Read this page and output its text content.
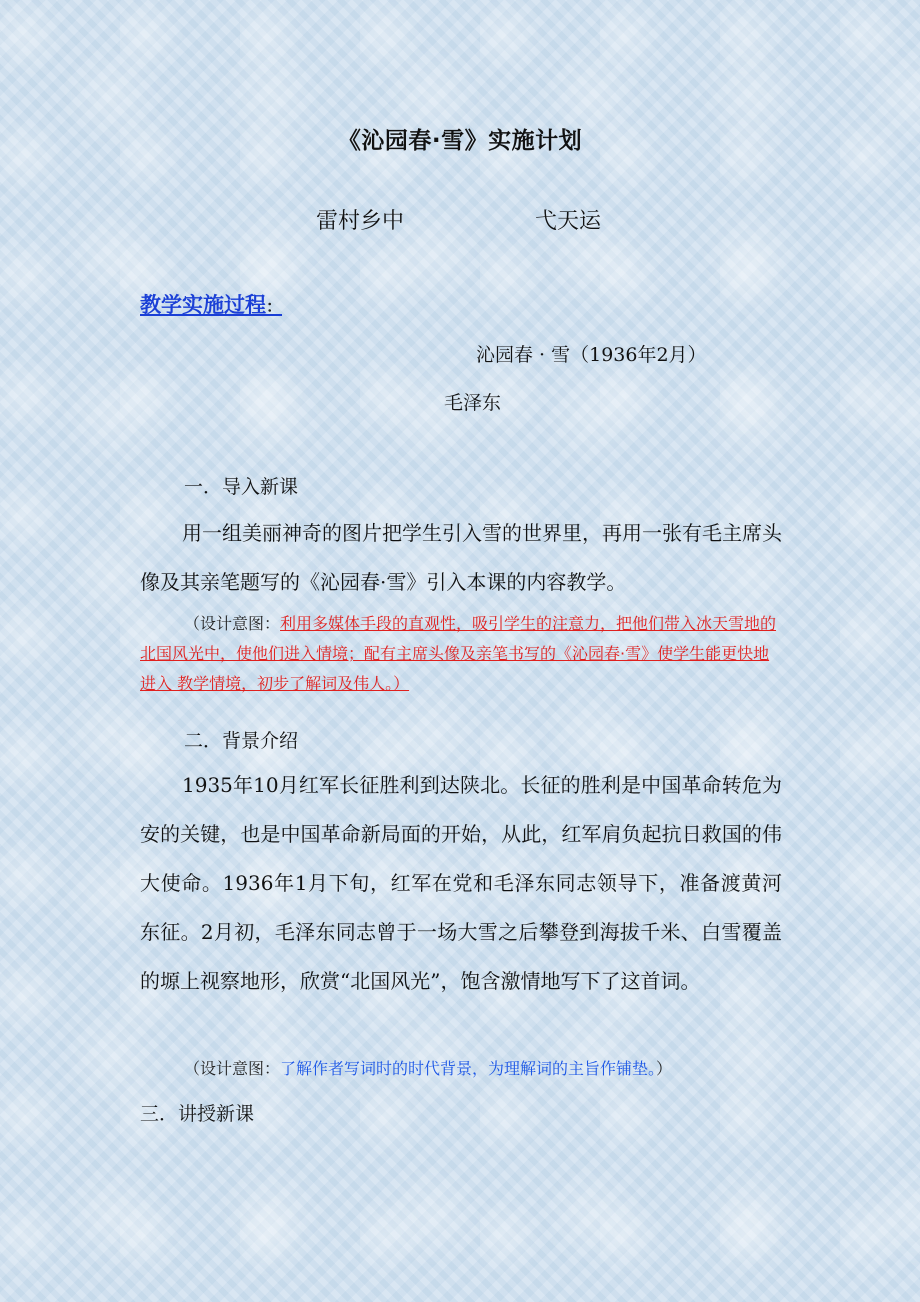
《沁园春·雪》实施计划
雷村乡中	弋天运
教学实施过程：
沁园春 · 雪（1936年2月）
毛泽东
一．导入新课
用一组美丽神奇的图片把学生引入雪的世界里，再用一张有毛主席头像及其亲笔题写的《沁园春·雪》引入本课的内容教学。
（设计意图：利用多媒体手段的直观性，吸引学生的注意力，把他们带入冰天雪地的北国风光中，使他们进入情境；配有主席头像及亲笔书写的《沁园春·雪》使学生能更快地进入 教学情境，初步了解词及伟人。）
二．背景介绍
1935年10月红军长征胜利到达陕北。长征的胜利是中国革命转危为安的关键，也是中国革命新局面的开始，从此，红军肩负起抗日救国的伟大使命。1936年1月下旬，红军在党和毛泽东同志领导下，准备渡黄河东征。2月初，毛泽东同志曾于一场大雪之后攀登到海拔千米、白雪覆盖的塬上视察地形，欣赏“北国风光”，饱含激情地写下了这首词。
（设计意图：了解作者写词时的时代背景，为理解词的主旨作铺垫。）
三．讲授新课
